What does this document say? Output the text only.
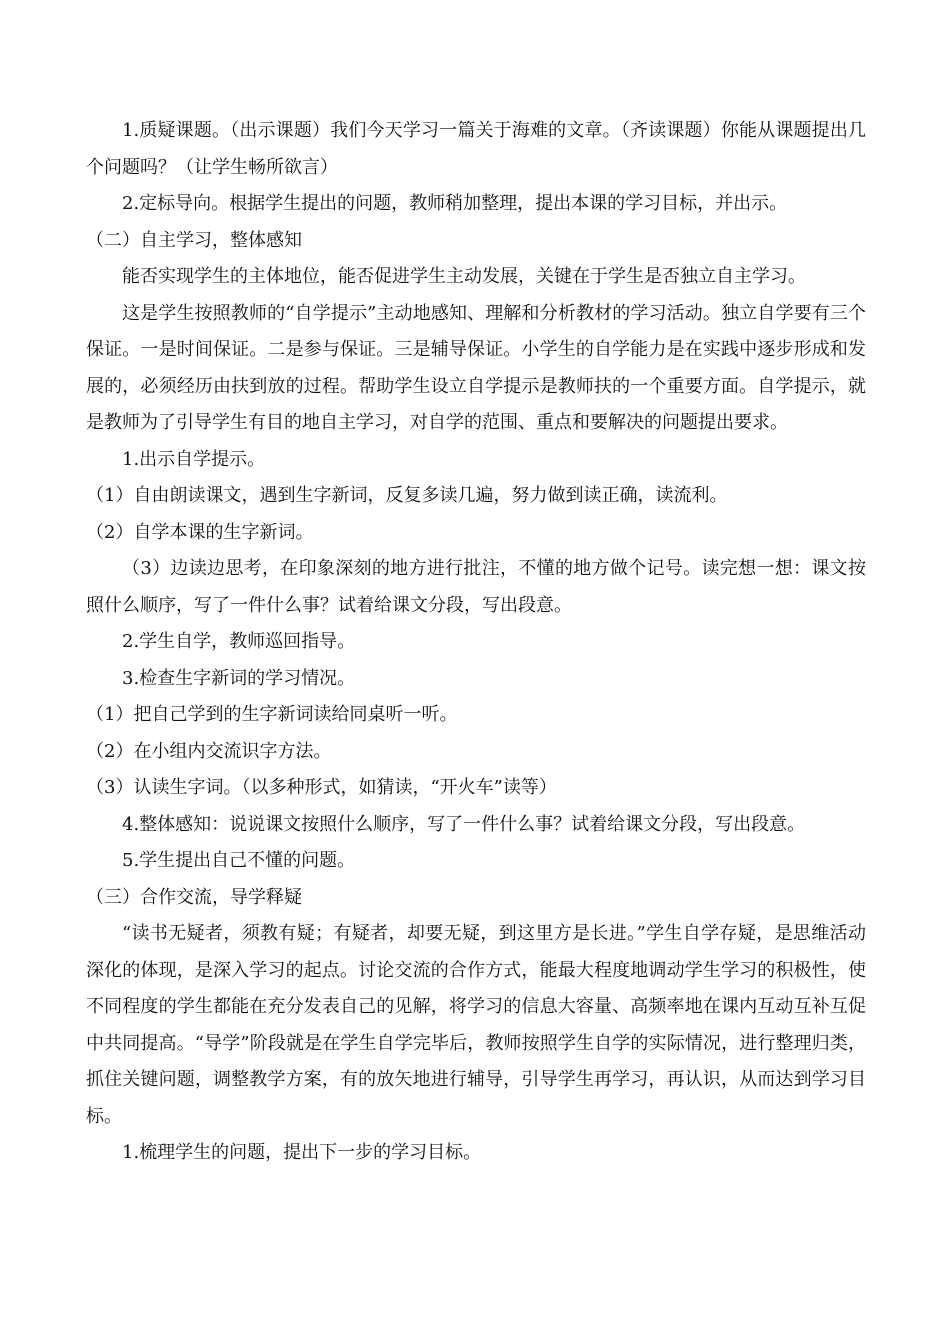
1.质疑课题。（出示课题）我们今天学习一篇关于海难的文章。（齐读课题）你能从课题提出几个问题吗？（让学生畅所欲言）

2.定标导向。根据学生提出的问题，教师稍加整理，提出本课的学习目标，并出示。

（二）自主学习，整体感知

能否实现学生的主体地位，能否促进学生主动发展，关键在于学生是否独立自主学习。

这是学生按照教师的“自学提示”主动地感知、理解和分析教材的学习活动。独立自学要有三个保证。一是时间保证。二是参与保证。三是辅导保证。小学生的自学能力是在实践中逐步形成和发展的，必须经历由扶到放的过程。帮助学生设立自学提示是教师扶的一个重要方面。自学提示，就是教师为了引导学生有目的地自主学习，对自学的范围、重点和要解决的问题提出要求。

1.出示自学提示。

（1）自由朗读课文，遇到生字新词，反复多读几遍，努力做到读正确，读流利。

（2）自学本课的生字新词。

（3）边读边思考，在印象深刻的地方进行批注，不懂的地方做个记号。读完想一想：课文按照什么顺序，写了一件什么事？试着给课文分段，写出段意。

2.学生自学，教师巡回指导。

3.检查生字新词的学习情况。

（1）把自己学到的生字新词读给同桌听一听。

（2）在小组内交流识字方法。

（3）认读生字词。（以多种形式，如猜读，“开火车”读等）

4.整体感知：说说课文按照什么顺序，写了一件什么事？试着给课文分段，写出段意。

5.学生提出自己不懂的问题。

（三）合作交流，导学释疑

“读书无疑者，须教有疑；有疑者，却要无疑，到这里方是长进。”学生自学存疑，是思维活动深化的体现，是深入学习的起点。讨论交流的合作方式，能最大程度地调动学生学习的积极性，使不同程度的学生都能在充分发表自己的见解，将学习的信息大容量、高频率地在课内互动互补互促中共同提高。“导学”阶段就是在学生自学完毕后，教师按照学生自学的实际情况，进行整理归类，抓住关键问题，调整教学方案，有的放矢地进行辅导，引导学生再学习，再认识，从而达到学习目标。

1.梳理学生的问题，提出下一步的学习目标。
